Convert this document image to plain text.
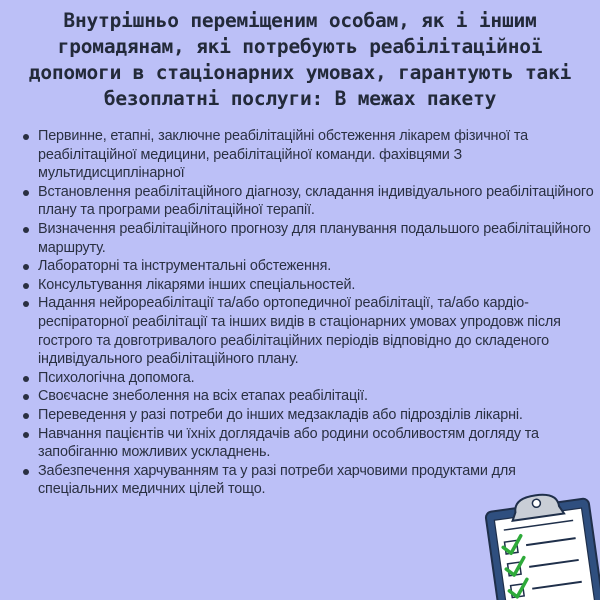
Внутрішньо переміщеним особам, як і іншим
громадянам, які потребують реабілітаційної
допомоги в стаціонарних умовах, гарантують такі
безоплатні послуги: В межах пакету
Первинне, етапні, заключне реабілітаційні обстеження лікарем фізичної та реабілітаційної медицини, реабілітаційної команди. фахівцями З мультидисциплінарної
Встановлення реабілітаційного діагнозу, складання індивідуального реабілітаційного плану та програми реабілітаційної терапії.
Визначення реабілітаційного прогнозу для планування подальшого реабілітаційного маршруту.
Лабораторні та інструментальні обстеження.
Консультування лікарями інших спеціальностей.
Надання нейрореабілітації та/або ортопедичної реабілітації, та/або кардіо-респіраторної реабілітації та інших видів в стаціонарних умовах упродовж після гострого та довготривалого реабілітаційних періодів відповідно до складеного індивідуального реабілітаційного плану.
Психологічна допомога.
Своєчасне знеболення на всіх етапах реабілітації.
Переведення у разі потреби до інших медзакладів або підрозділів лікарні.
Навчання пацієнтів чи їхніх доглядачів або родини особливостям догляду та запобіганню можливих ускладнень.
Забезпечення харчуванням та у разі потреби харчовими продуктами для спеціальних медичних цілей тощо.
